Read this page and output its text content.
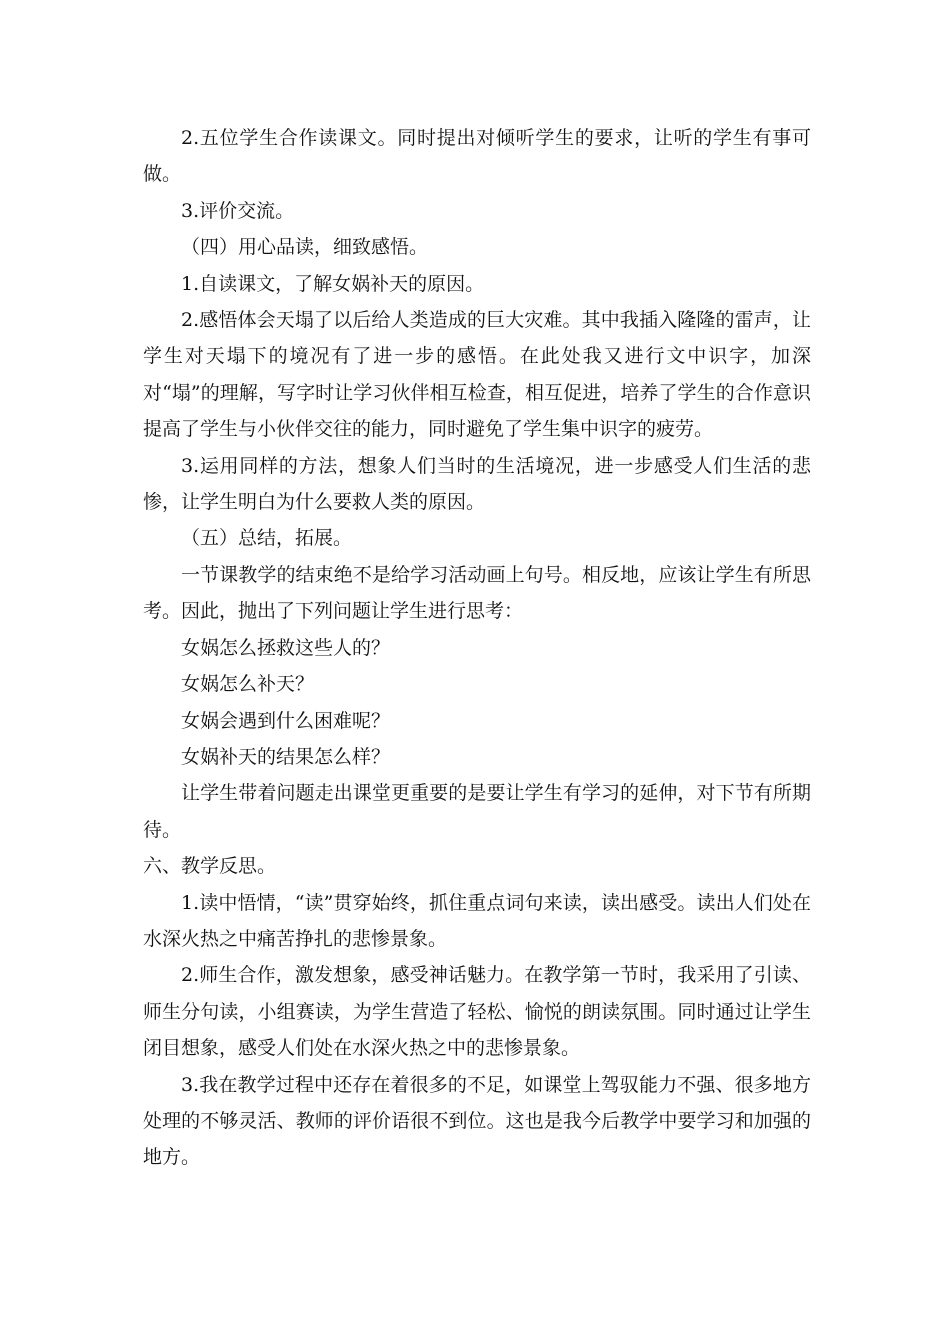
2.五位学生合作读课文。同时提出对倾听学生的要求，让听的学生有事可做。

3.评价交流。

（四）用心品读，细致感悟。

1.自读课文，了解女娲补天的原因。

2.感悟体会天塌了以后给人类造成的巨大灾难。其中我插入隆隆的雷声，让学生对天塌下的境况有了进一步的感悟。在此处我又进行文中识字，加深对“塌”的理解，写字时让学习伙伴相互检查，相互促进，培养了学生的合作意识提高了学生与小伙伴交往的能力，同时避免了学生集中识字的疲劳。

3.运用同样的方法，想象人们当时的生活境况，进一步感受人们生活的悲惨，让学生明白为什么要救人类的原因。

（五）总结，拓展。

一节课教学的结束绝不是给学习活动画上句号。相反地，应该让学生有所思考。因此，抛出了下列问题让学生进行思考：

女娲怎么拯救这些人的？

女娲怎么补天？

女娲会遇到什么困难呢？

女娲补天的结果怎么样？

让学生带着问题走出课堂更重要的是要让学生有学习的延伸，对下节有所期待。

六、教学反思。

1.读中悟情，“读”贯穿始终，抓住重点词句来读，读出感受。读出人们处在水深火热之中痛苦挣扎的悲惨景象。

2.师生合作，激发想象，感受神话魅力。在教学第一节时，我采用了引读、师生分句读，小组赛读，为学生营造了轻松、愉悦的朗读氛围。同时通过让学生闭目想象，感受人们处在水深火热之中的悲惨景象。

3.我在教学过程中还存在着很多的不足，如课堂上驾驭能力不强、很多地方处理的不够灵活、教师的评价语很不到位。这也是我今后教学中要学习和加强的地方。
